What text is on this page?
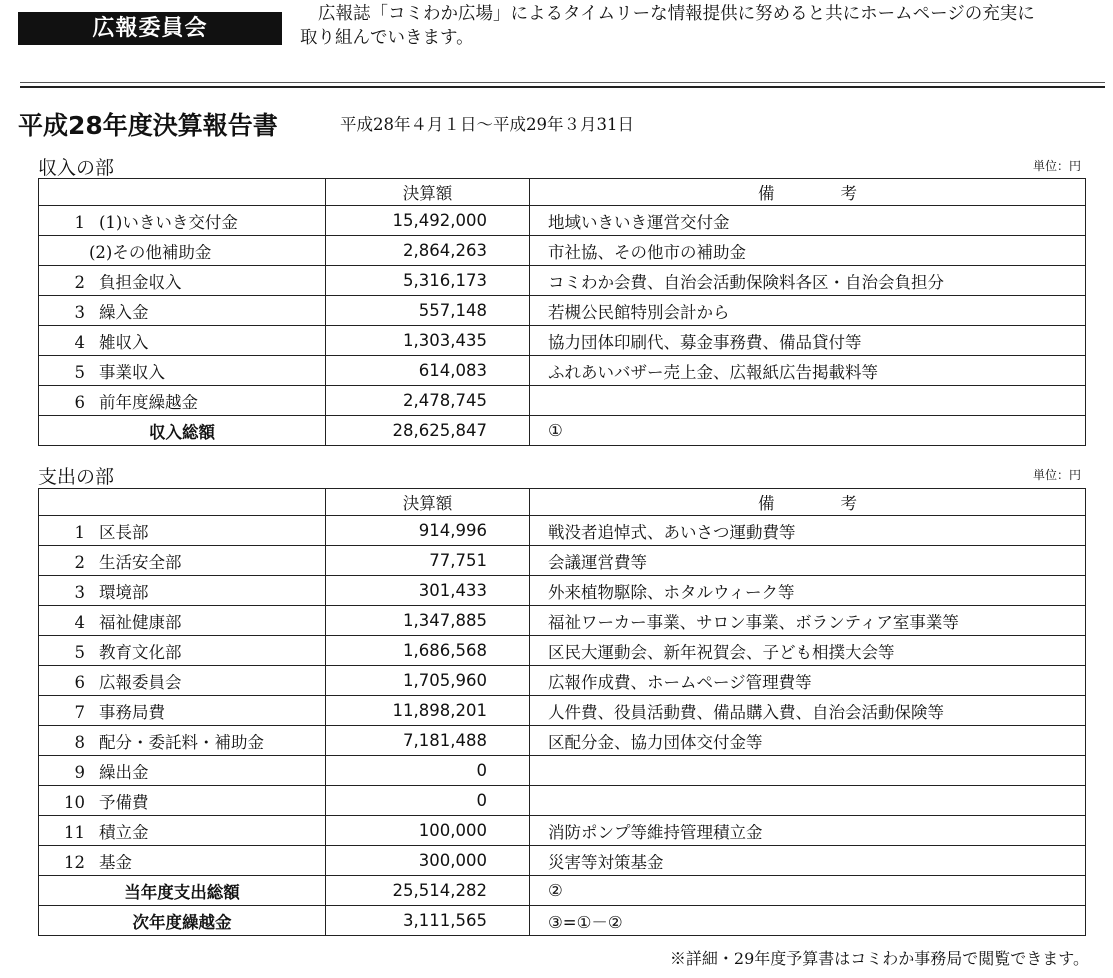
広報委員会
広報誌「コミわか広場」によるタイムリーな情報提供に努めると共にホームページの充実に
取り組んでいきます。
平成28年度決算報告書	平成28年４月１日～平成29年３月31日
収入の部	単位：円
	決算額	備　　　　考
1 (1)いきいき交付金	15,492,000	地域いきいき運営交付金
(2)その他補助金	2,864,263	市社協、その他市の補助金
2 負担金収入	5,316,173	コミわか会費、自治会活動保険料各区・自治会負担分
3 繰入金	557,148	若槻公民館特別会計から
4 雑収入	1,303,435	協力団体印刷代、募金事務費、備品貸付等
5 事業収入	614,083	ふれあいバザー売上金、広報紙広告掲載料等
6 前年度繰越金	2,478,745	
収入総額	28,625,847	①
支出の部	単位：円
	決算額	備　　　　考
1 区長部	914,996	戦没者追悼式、あいさつ運動費等
2 生活安全部	77,751	会議運営費等
3 環境部	301,433	外来植物駆除、ホタルウィーク等
4 福祉健康部	1,347,885	福祉ワーカー事業、サロン事業、ボランティア室事業等
5 教育文化部	1,686,568	区民大運動会、新年祝賀会、子ども相撲大会等
6 広報委員会	1,705,960	広報作成費、ホームページ管理費等
7 事務局費	11,898,201	人件費、役員活動費、備品購入費、自治会活動保険等
8 配分・委託料・補助金	7,181,488	区配分金、協力団体交付金等
9 繰出金	0	
10 予備費	0	
11 積立金	100,000	消防ポンプ等維持管理積立金
12 基金	300,000	災害等対策基金
当年度支出総額	25,514,282	②
次年度繰越金	3,111,565	③=①－②
※詳細・29年度予算書はコミわか事務局で閲覧できます。
